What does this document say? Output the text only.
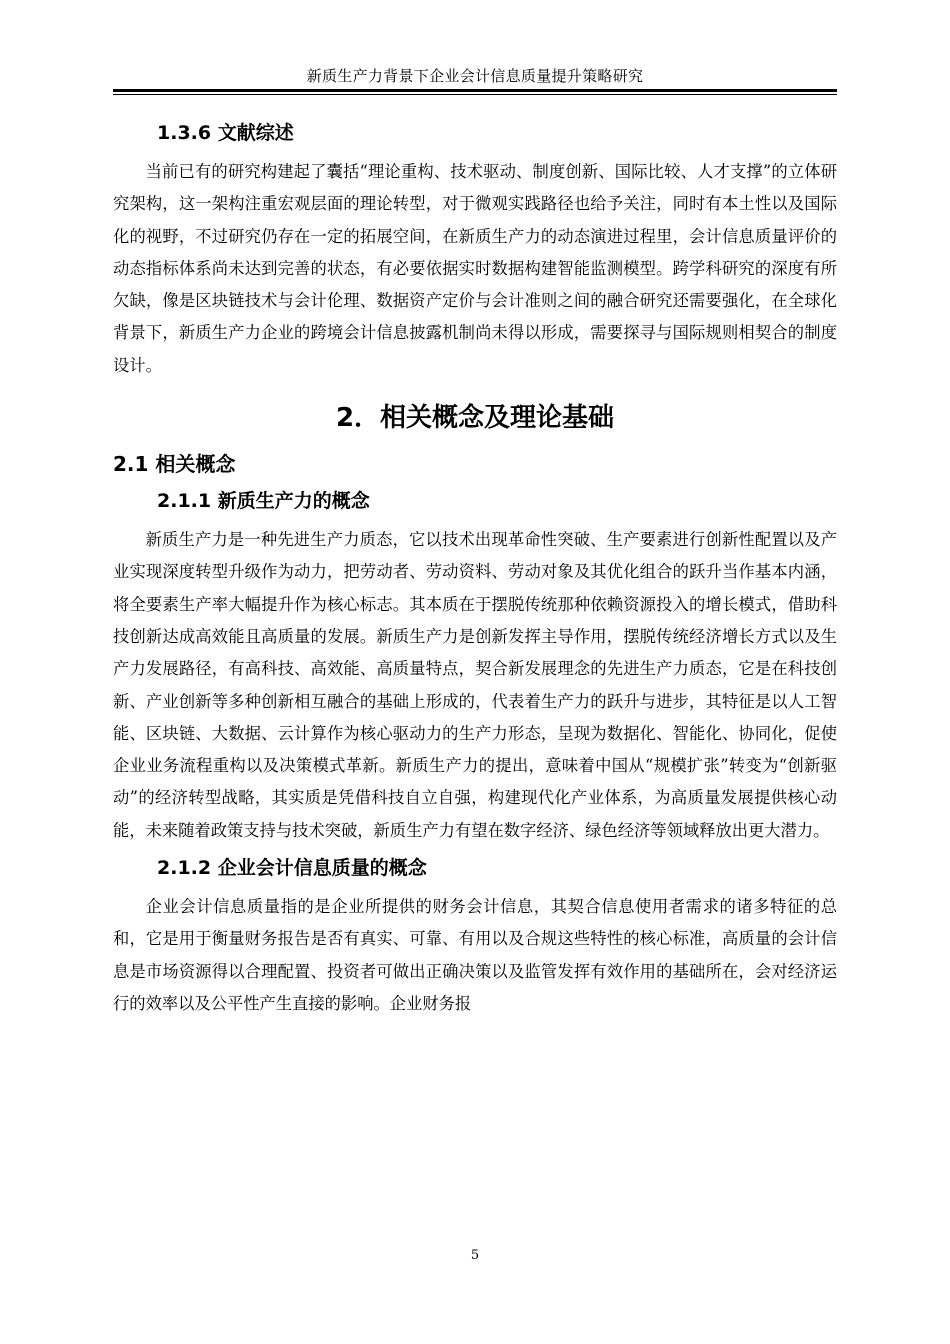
新质生产力背景下企业会计信息质量提升策略研究
1.3.6 文献综述

当前已有的研究构建起了囊括“理论重构、技术驱动、制度创新、国际比较、人才支撑”的立体研究架构，这一架构注重宏观层面的理论转型，对于微观实践路径也给予关注，同时有本土性以及国际化的视野，不过研究仍存在一定的拓展空间，在新质生产力的动态演进过程里，会计信息质量评价的动态指标体系尚未达到完善的状态，有必要依据实时数据构建智能监测模型。跨学科研究的深度有所欠缺，像是区块链技术与会计伦理、数据资产定价与会计准则之间的融合研究还需要强化，在全球化背景下，新质生产力企业的跨境会计信息披露机制尚未得以形成，需要探寻与国际规则相契合的制度设计。

2．相关概念及理论基础
2.1 相关概念
2.1.1 新质生产力的概念

新质生产力是一种先进生产力质态，它以技术出现革命性突破、生产要素进行创新性配置以及产业实现深度转型升级作为动力，把劳动者、劳动资料、劳动对象及其优化组合的跃升当作基本内涵，将全要素生产率大幅提升作为核心标志。其本质在于摆脱传统那种依赖资源投入的增长模式，借助科技创新达成高效能且高质量的发展。新质生产力是创新发挥主导作用，摆脱传统经济增长方式以及生产力发展路径，有高科技、高效能、高质量特点，契合新发展理念的先进生产力质态，它是在科技创新、产业创新等多种创新相互融合的基础上形成的，代表着生产力的跃升与进步，其特征是以人工智能、区块链、大数据、云计算作为核心驱动力的生产力形态，呈现为数据化、智能化、协同化，促使企业业务流程重构以及决策模式革新。新质生产力的提出，意味着中国从“规模扩张”转变为“创新驱动”的经济转型战略，其实质是凭借科技自立自强，构建现代化产业体系，为高质量发展提供核心动能，未来随着政策支持与技术突破，新质生产力有望在数字经济、绿色经济等领域释放出更大潜力。

2.1.2 企业会计信息质量的概念

企业会计信息质量指的是企业所提供的财务会计信息，其契合信息使用者需求的诸多特征的总和，它是用于衡量财务报告是否有真实、可靠、有用以及合规这些特性的核心标准，高质量的会计信息是市场资源得以合理配置、投资者可做出正确决策以及监管发挥有效作用的基础所在，会对经济运行的效率以及公平性产生直接的影响。企业财务报

5
